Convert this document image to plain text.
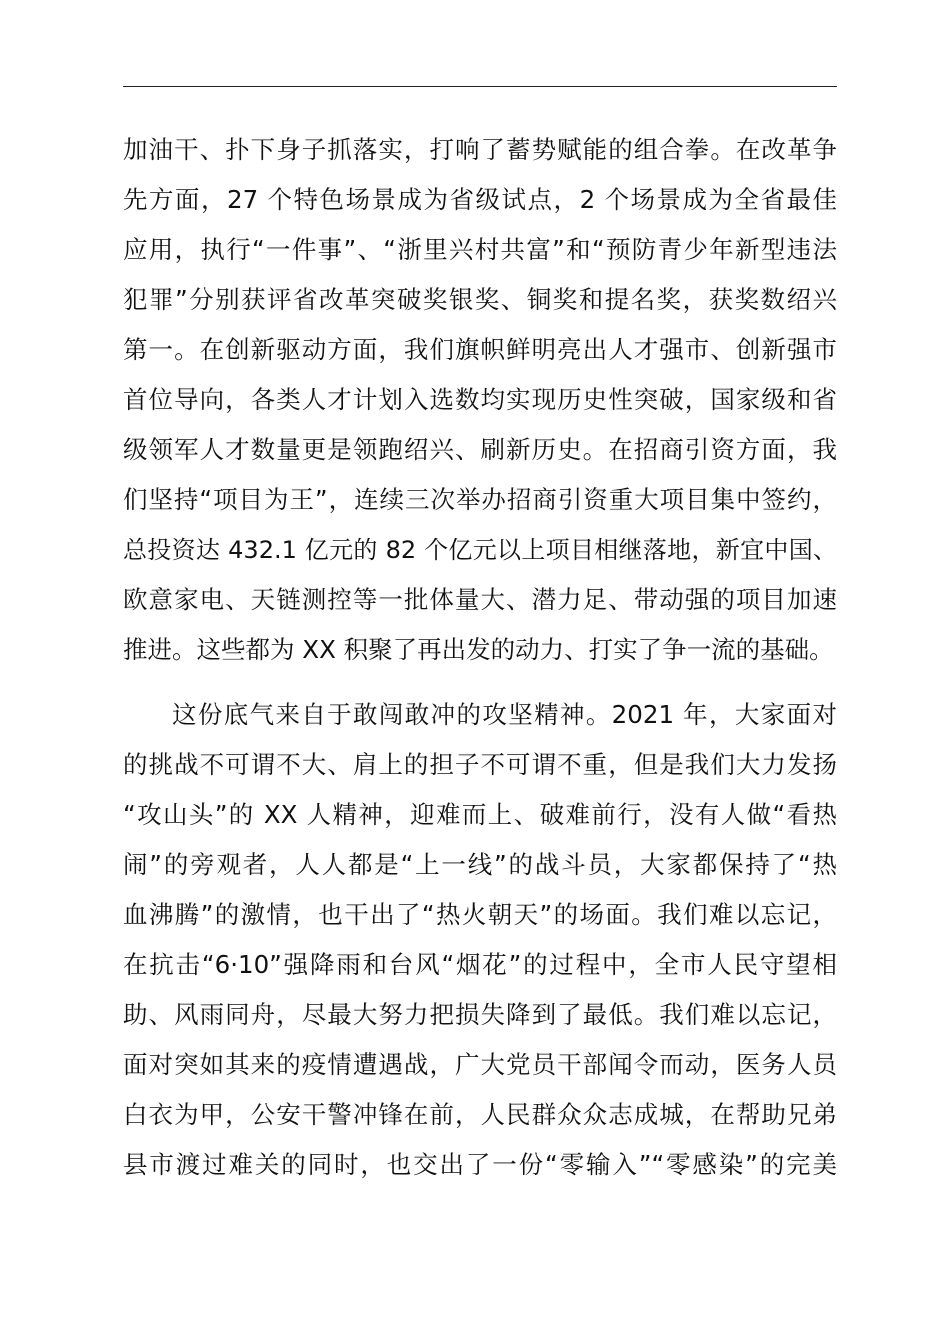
加油干、扑下身子抓落实，打响了蓄势赋能的组合拳。在改革争
先方面，27 个特色场景成为省级试点，2 个场景成为全省最佳
应用，执行“一件事”、“浙里兴村共富”和“预防青少年新型违法
犯罪”分别获评省改革突破奖银奖、铜奖和提名奖，获奖数绍兴
第一。在创新驱动方面，我们旗帜鲜明亮出人才强市、创新强市
首位导向，各类人才计划入选数均实现历史性突破，国家级和省
级领军人才数量更是领跑绍兴、刷新历史。在招商引资方面，我
们坚持“项目为王”，连续三次举办招商引资重大项目集中签约，
总投资达 432.1 亿元的 82 个亿元以上项目相继落地，新宜中国、
欧意家电、天链测控等一批体量大、潜力足、带动强的项目加速
推进。这些都为 XX 积聚了再出发的动力、打实了争一流的基础。
这份底气来自于敢闯敢冲的攻坚精神。2021 年，大家面对
的挑战不可谓不大、肩上的担子不可谓不重，但是我们大力发扬
“攻山头”的 XX 人精神，迎难而上、破难前行，没有人做“看热
闹”的旁观者，人人都是“上一线”的战斗员，大家都保持了“热
血沸腾”的激情，也干出了“热火朝天”的场面。我们难以忘记，
在抗击“6·10”强降雨和台风“烟花”的过程中，全市人民守望相
助、风雨同舟，尽最大努力把损失降到了最低。我们难以忘记，
面对突如其来的疫情遭遇战，广大党员干部闻令而动，医务人员
白衣为甲，公安干警冲锋在前，人民群众众志成城，在帮助兄弟
县市渡过难关的同时，也交出了一份“零输入”“零感染”的完美
